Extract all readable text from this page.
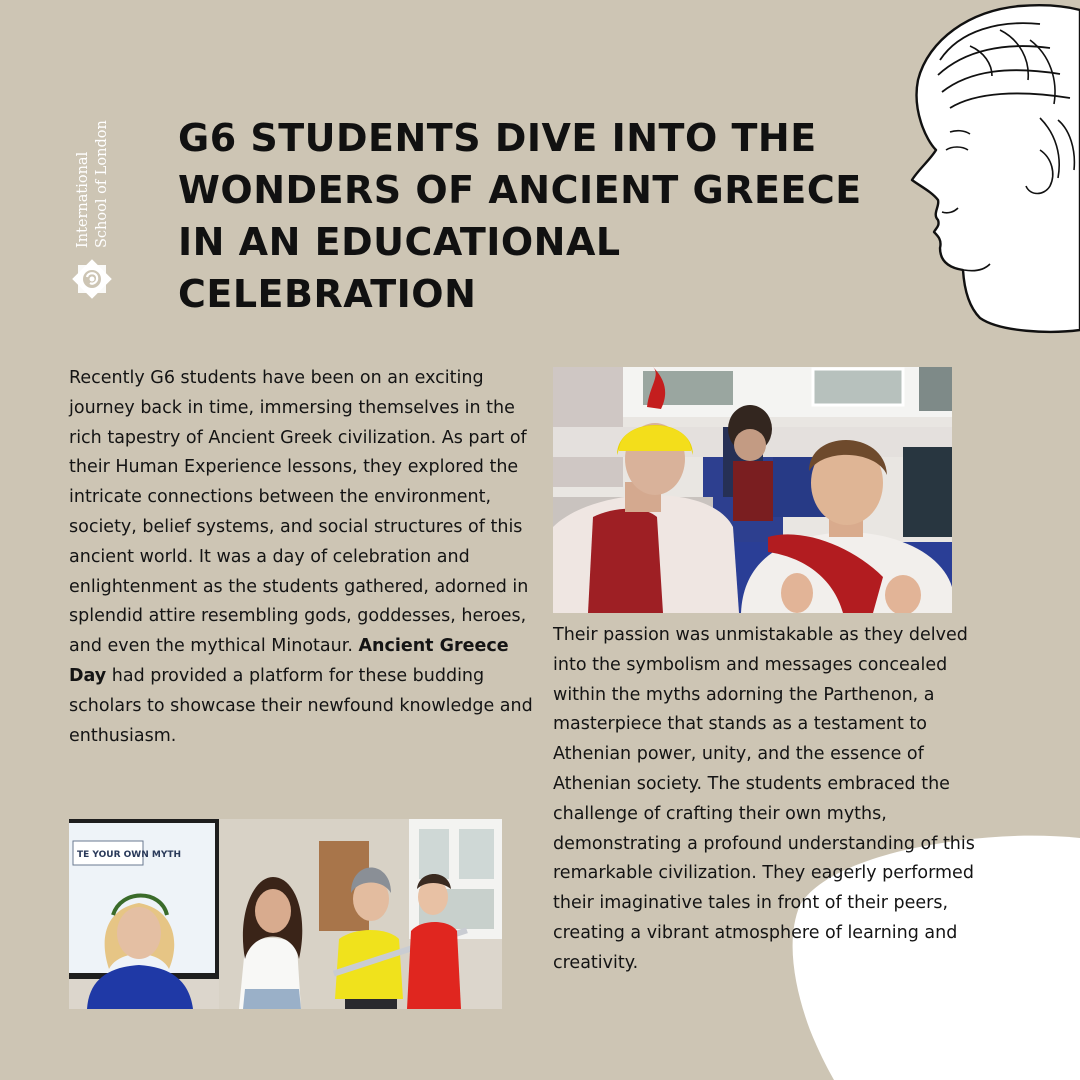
International School of London G6 STUDENTS DIVE INTO THE WONDERS OF ANCIENT GREECE IN AN EDUCATIONAL CELEBRATION

Recently G6 students have been on an exciting journey back in time, immersing themselves in the rich tapestry of Ancient Greek civilization. As part of their Human Experience lessons, they explored the intricate connections between the environment, society, belief systems, and social structures of this ancient world. It was a day of celebration and enlightenment as the students gathered, adorned in splendid attire resembling gods, goddesses, heroes, and even the mythical Minotaur. Ancient Greece Day had provided a platform for these budding scholars to showcase their newfound knowledge and enthusiasm.

TE YOUR OWN MYTH

Their passion was unmistakable as they delved into the symbolism and messages concealed within the myths adorning the Parthenon, a masterpiece that stands as a testament to Athenian power, unity, and the essence of Athenian society. The students embraced the challenge of crafting their own myths, demonstrating a profound understanding of this remarkable civilization. They eagerly performed their imaginative tales in front of their peers, creating a vibrant atmosphere of learning and creativity.
